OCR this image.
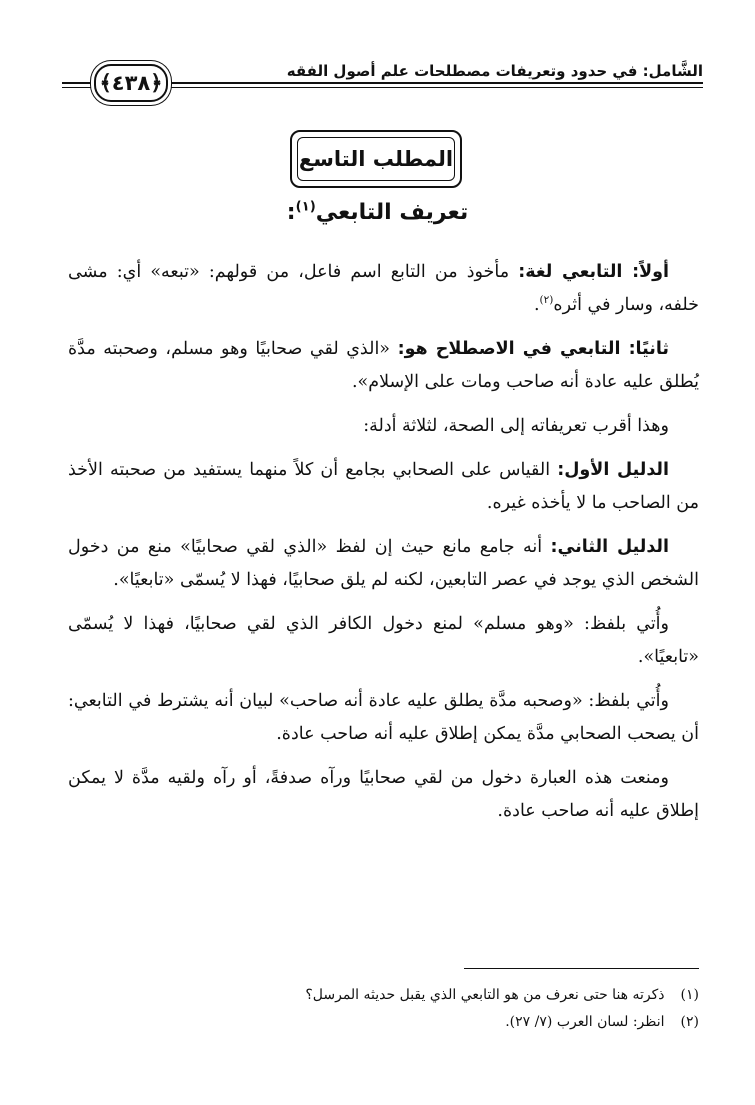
الشَّامل: في حدود وتعريفات مصطلحات علم أصول الفقه
﴿٤٣٨﴾
المطلب التاسع
تعريف التابعي$^{(١)}$:

أولاً: التابعي لغة: مأخوذ من التابع اسم فاعل، من قولهم: «تبعه» أي: مشى خلفه، وسار في أثره$^{(٢)}$.

ثانيًا: التابعي في الاصطلاح هو: «الذي لقي صحابيًا وهو مسلم، وصحبته مدَّة يُطلق عليه عادة أنه صاحب ومات على الإسلام».

وهذا أقرب تعريفاته إلى الصحة، لثلاثة أدلة:

الدليل الأول: القياس على الصحابي بجامع أن كلاً منهما يستفيد من صحبته الأخذ من الصاحب ما لا يأخذه غيره.

الدليل الثاني: أنه جامع مانع حيث إن لفظ «الذي لقي صحابيًا» منع من دخول الشخص الذي يوجد في عصر التابعين، لكنه لم يلق صحابيًا، فهذا لا يُسمّى «تابعيًا».

وأُتي بلفظ: «وهو مسلم» لمنع دخول الكافر الذي لقي صحابيًا، فهذا لا يُسمّى «تابعيًا».

وأُتي بلفظ: «وصحبه مدَّة يطلق عليه عادة أنه صاحب» لبيان أنه يشترط في التابعي: أن يصحب الصحابي مدَّة يمكن إطلاق عليه أنه صاحب عادة.

ومنعت هذه العبارة دخول من لقي صحابيًا ورآه صدفةً، أو رآه ولقيه مدَّة لا يمكن إطلاق عليه أنه صاحب عادة.

(١) ذكرته هنا حتى نعرف من هو التابعي الذي يقبل حديثه المرسل؟

(٢) انظر: لسان العرب (٧/ ٢٧).
